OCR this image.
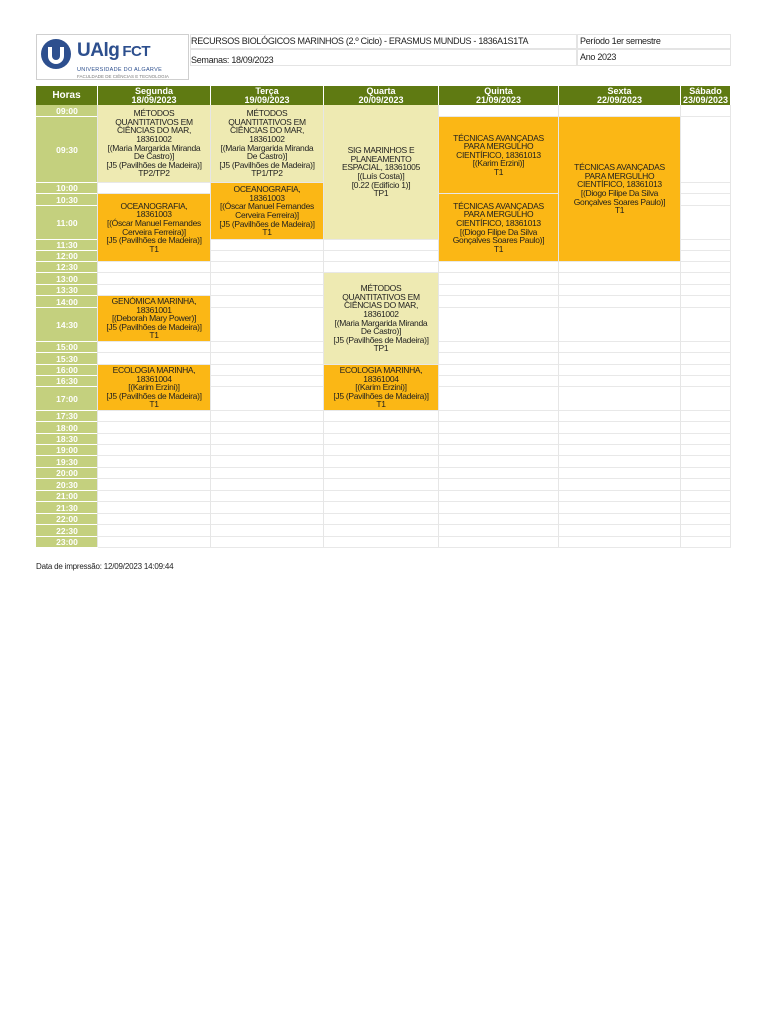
UAlg FCT
UNIVERSIDADE DO ALGARVE
FACULDADE DE CIÊNCIAS E TECNOLOGIA
RECURSOS BIOLÓGICOS MARINHOS (2.º Ciclo) - ERASMUS MUNDUS - 1836A1S1TA
Semanas: 18/09/2023
Período 1er semestre
Ano 2023
Horas	Segunda
18/09/2023
Terça
19/09/2023
Quarta
20/09/2023
Quinta
21/09/2023
Sexta
22/09/2023
Sábado
23/09/2023
09:00
09:30
10:00
10:30
11:00
11:30
12:00
12:30
13:00
13:30
14:00
14:30
15:00
15:30
16:00
16:30
17:00
17:30
18:00
18:30
19:00
19:30
20:00
20:30
21:00
21:30
22:00
22:30
23:00
MÉTODOS
QUANTITATIVOS EM
CIÊNCIAS DO MAR,
18361002
[(Maria Margarida Miranda
De Castro)]
[J5 (Pavilhões de Madeira)]
TP2/TP2
MÉTODOS
QUANTITATIVOS EM
CIÊNCIAS DO MAR,
18361002
[(Maria Margarida Miranda
De Castro)]
[J5 (Pavilhões de Madeira)]
TP1/TP2
SIG MARINHOS E
PLANEAMENTO
ESPACIAL, 18361005
[(Luís Costa)]
[0.22 (Edifício 1)]
TP1
TÉCNICAS AVANÇADAS
PARA MERGULHO
CIENTÍFICO, 18361013
[(Karim Erzini)]
T1	TÉCNICAS AVANÇADAS
PARA MERGULHO
CIENTÍFICO, 18361013
[(Diogo Filipe Da Silva
Gonçalves Soares Paulo)]
T1
OCEANOGRAFIA,
18361003
[(Óscar Manuel Fernandes
Cerveira Ferreira)]
[J5 (Pavilhões de Madeira)]
T1
OCEANOGRAFIA,
18361003
[(Óscar Manuel Fernandes
Cerveira Ferreira)]
[J5 (Pavilhões de Madeira)]
T1
TÉCNICAS AVANÇADAS
PARA MERGULHO
CIENTÍFICO, 18361013
[(Diogo Filipe Da Silva
Gonçalves Soares Paulo)]
T1
MÉTODOS
QUANTITATIVOS EM
CIÊNCIAS DO MAR,
18361002
[(Maria Margarida Miranda
De Castro)]
[J5 (Pavilhões de Madeira)]
TP1
GENÓMICA MARINHA,
18361001
[(Deborah Mary Power)]
[J5 (Pavilhões de Madeira)]
T1
ECOLOGIA MARINHA,
18361004
[(Karim Erzini)]
[J5 (Pavilhões de Madeira)]
T1
ECOLOGIA MARINHA,
18361004
[(Karim Erzini)]
[J5 (Pavilhões de Madeira)]
T1
Data de impressão: 12/09/2023 14:09:44
